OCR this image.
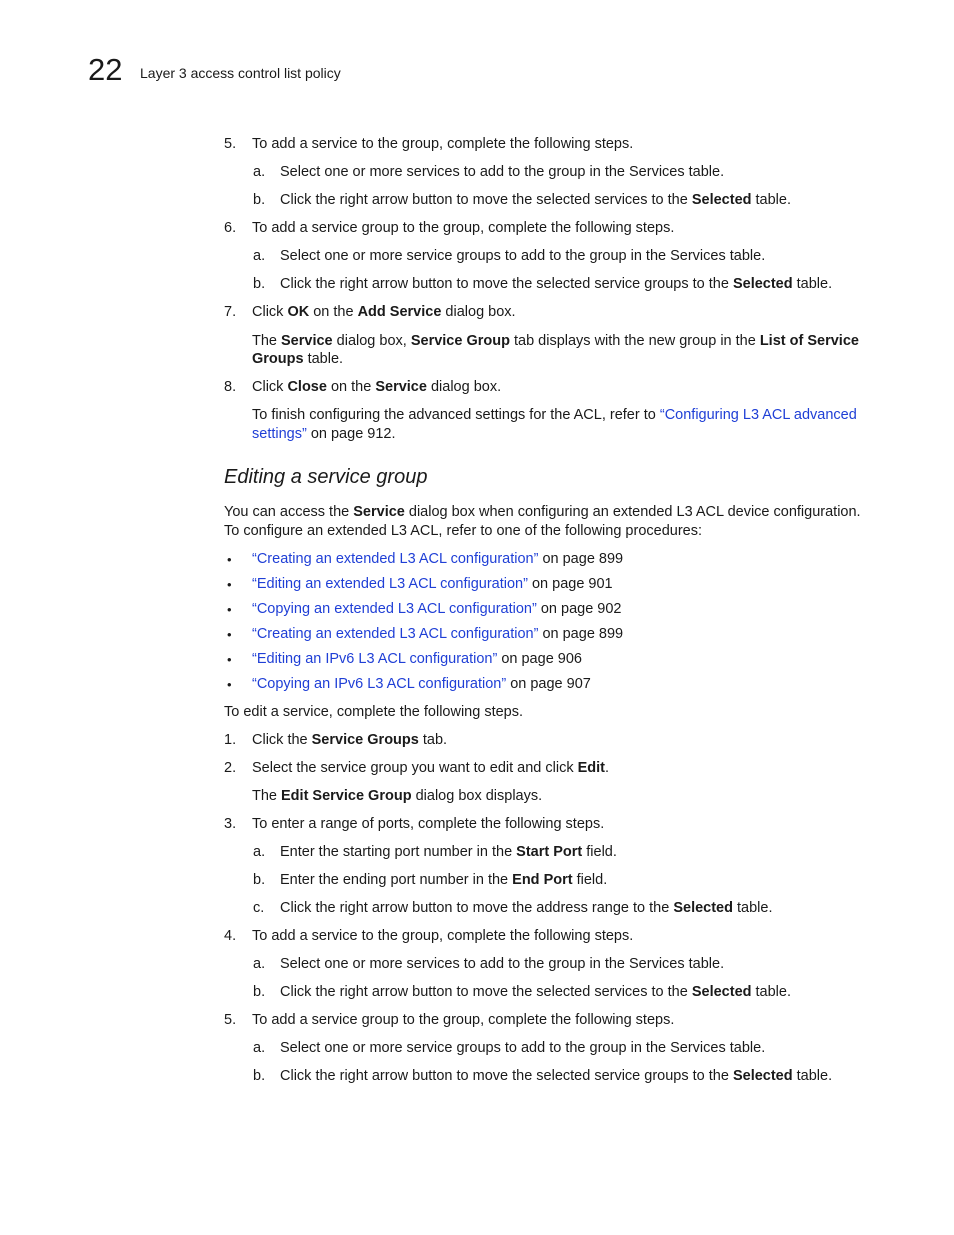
22 Layer 3 access control list policy
5. To add a service to the group, complete the following steps.
a. Select one or more services to add to the group in the Services table.
b. Click the right arrow button to move the selected services to the Selected table.
6. To add a service group to the group, complete the following steps.
a. Select one or more service groups to add to the group in the Services table.
b. Click the right arrow button to move the selected service groups to the Selected table.
7. Click OK on the Add Service dialog box.
The Service dialog box, Service Group tab displays with the new group in the List of Service
Groups table.
8. Click Close on the Service dialog box.
To finish configuring the advanced settings for the ACL, refer to “Configuring L3 ACL advanced
settings” on page 912.
Editing a service group
You can access the Service dialog box when configuring an extended L3 ACL device configuration.
To configure an extended L3 ACL, refer to one of the following procedures:
• “Creating an extended L3 ACL configuration” on page 899
• “Editing an extended L3 ACL configuration” on page 901
• “Copying an extended L3 ACL configuration” on page 902
• “Creating an extended L3 ACL configuration” on page 899
• “Editing an IPv6 L3 ACL configuration” on page 906
• “Copying an IPv6 L3 ACL configuration” on page 907
To edit a service, complete the following steps.
1. Click the Service Groups tab.
2. Select the service group you want to edit and click Edit.
The Edit Service Group dialog box displays.
3. To enter a range of ports, complete the following steps.
a. Enter the starting port number in the Start Port field.
b. Enter the ending port number in the End Port field.
c. Click the right arrow button to move the address range to the Selected table.
4. To add a service to the group, complete the following steps.
a. Select one or more services to add to the group in the Services table.
b. Click the right arrow button to move the selected services to the Selected table.
5. To add a service group to the group, complete the following steps.
a. Select one or more service groups to add to the group in the Services table.
b. Click the right arrow button to move the selected service groups to the Selected table.
